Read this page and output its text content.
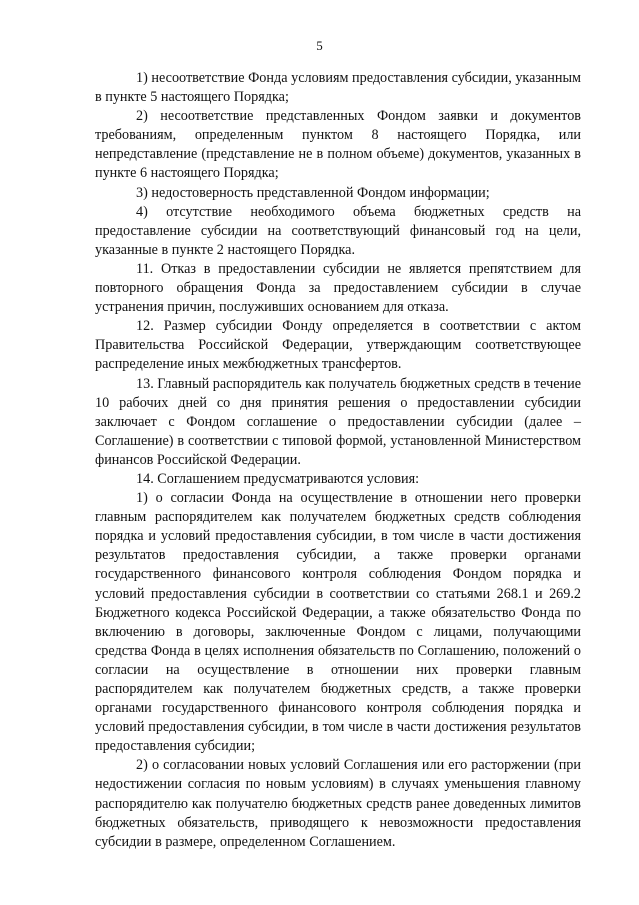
5

1) несоответствие Фонда условиям предоставления субсидии, указанным в пункте 5 настоящего Порядка;

2) несоответствие представленных Фондом заявки и документов требованиям, определенным пунктом 8 настоящего Порядка, или непредставление (представление не в полном объеме) документов, указанных в пункте 6 настоящего Порядка;

3) недостоверность представленной Фондом информации;

4) отсутствие необходимого объема бюджетных средств на предоставление субсидии на соответствующий финансовый год на цели, указанные в пункте 2 настоящего Порядка.

11. Отказ в предоставлении субсидии не является препятствием для повторного обращения Фонда за предоставлением субсидии в случае устранения причин, послуживших основанием для отказа.

12. Размер субсидии Фонду определяется в соответствии с актом Правительства Российской Федерации, утверждающим соответствующее распределение иных межбюджетных трансфертов.

13. Главный распорядитель как получатель бюджетных средств в течение 10 рабочих дней со дня принятия решения о предоставлении субсидии заключает с Фондом соглашение о предоставлении субсидии (далее – Соглашение) в соответствии с типовой формой, установленной Министерством финансов Российской Федерации.

14. Соглашением предусматриваются условия:

1) о согласии Фонда на осуществление в отношении него проверки главным распорядителем как получателем бюджетных средств соблюдения порядка и условий предоставления субсидии, в том числе в части достижения результатов предоставления субсидии, а также проверки органами государственного финансового контроля соблюдения Фондом порядка и условий предоставления субсидии в соответствии со статьями 268.1 и 269.2 Бюджетного кодекса Российской Федерации, а также обязательство Фонда по включению в договоры, заключенные Фондом с лицами, получающими средства Фонда в целях исполнения обязательств по Соглашению, положений о согласии на осуществление в отношении них проверки главным распорядителем как получателем бюджетных средств, а также проверки органами государственного финансового контроля соблюдения порядка и условий предоставления субсидии, в том числе в части достижения результатов предоставления субсидии;

2) о согласовании новых условий Соглашения или его расторжении (при недостижении согласия по новым условиям) в случаях уменьшения главному распорядителю как получателю бюджетных средств ранее доведенных лимитов бюджетных обязательств, приводящего к невозможности предоставления субсидии в размере, определенном Соглашением.
